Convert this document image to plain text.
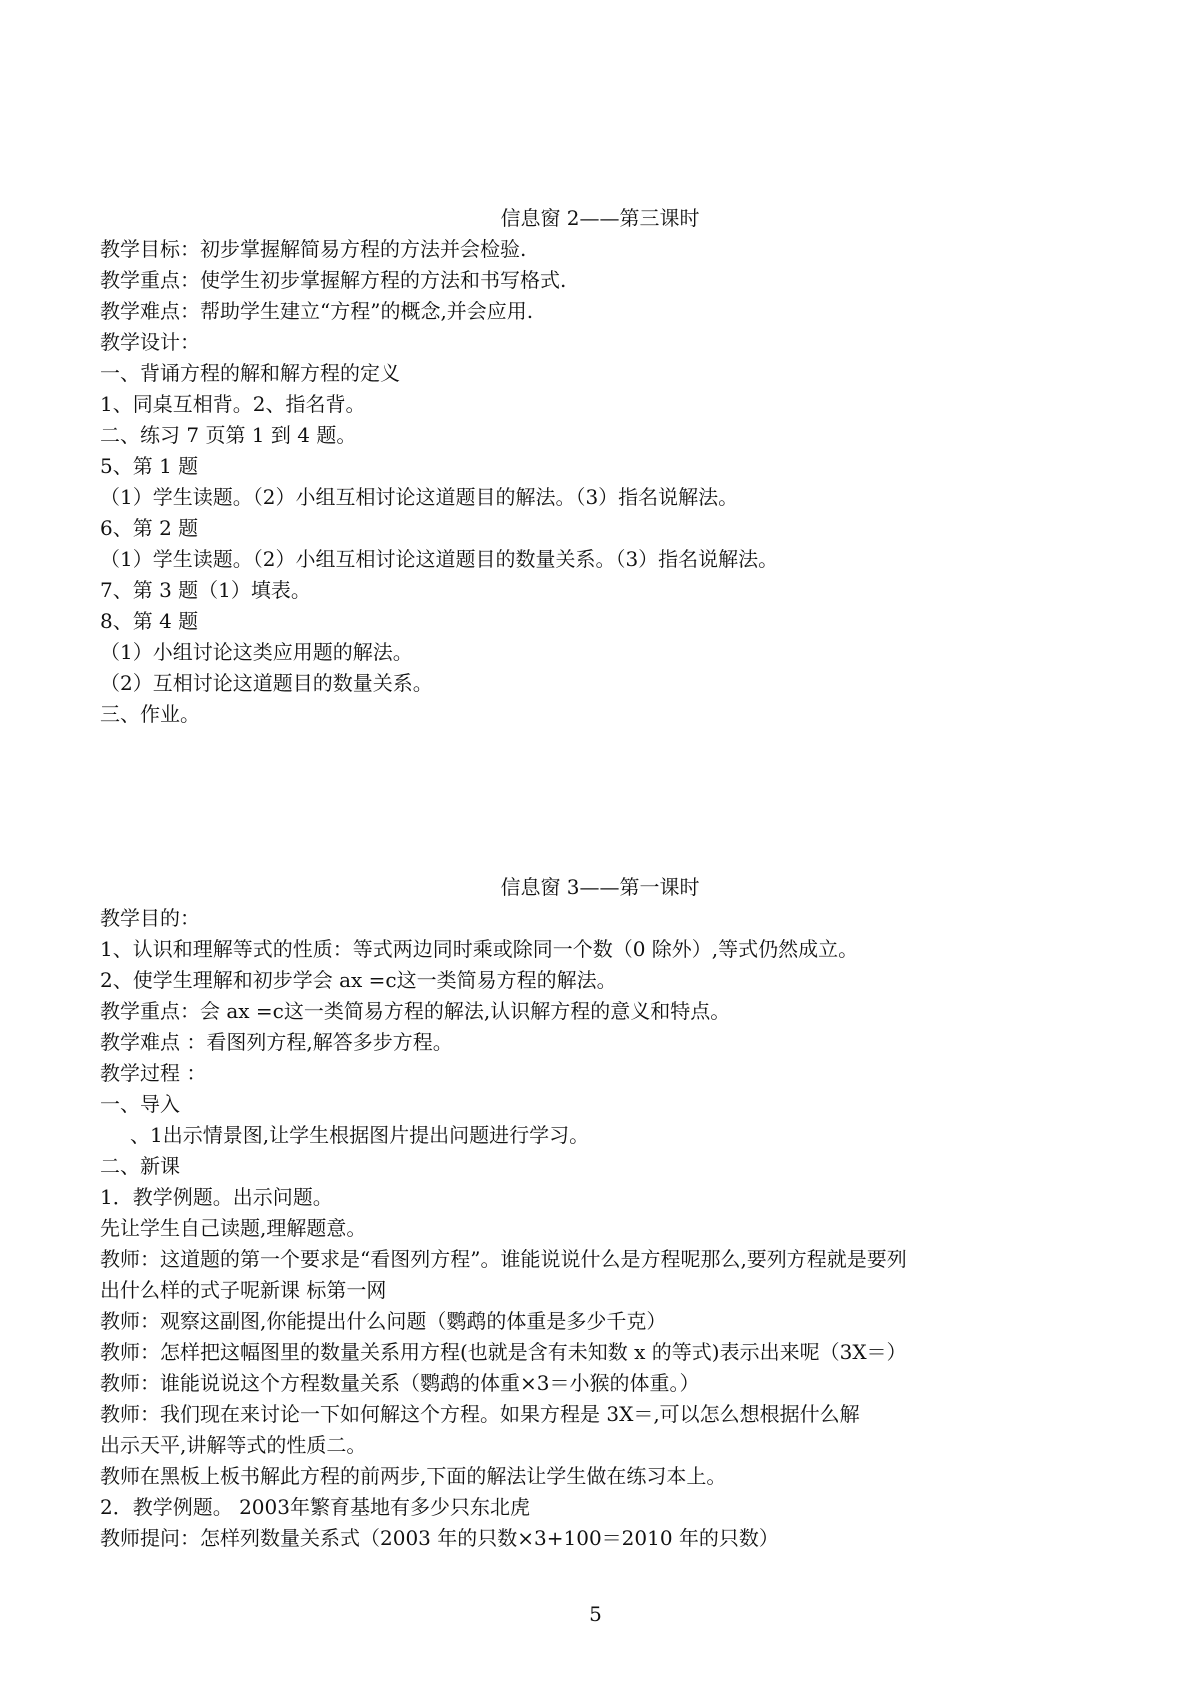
信息窗 2——第三课时
教学目标：初步掌握解简易方程的方法并会检验.
教学重点：使学生初步掌握解方程的方法和书写格式.
教学难点：帮助学生建立“方程”的概念,并会应用.
教学设计：
一、背诵方程的解和解方程的定义
1、同桌互相背。2、指名背。
二、练习 7 页第 1 到 4 题。
5、第 1 题
（1）学生读题。（2）小组互相讨论这道题目的解法。（3）指名说解法。
6、第 2 题
（1）学生读题。（2）小组互相讨论这道题目的数量关系。（3）指名说解法。
7、第 3 题（1）填表。
8、第 4 题
（1）小组讨论这类应用题的解法。
（2）互相讨论这道题目的数量关系。
三、作业。
信息窗 3——第一课时
教学目的：
1、认识和理解等式的性质：等式两边同时乘或除同一个数（0 除外）,等式仍然成立。
2、使学生理解和初步学会 ax =c这一类简易方程的解法。
教学重点：会 ax =c这一类简易方程的解法,认识解方程的意义和特点。
教学难点 ：看图列方程,解答多步方程。
教学过程 ：
一、导入
、1出示情景图,让学生根据图片提出问题进行学习。
二、新课
1．教学例题。出示问题。
先让学生自己读题,理解题意。
教师：这道题的第一个要求是“看图列方程”。谁能说说什么是方程呢那么,要列方程就是要列
出什么样的式子呢新课 标第一网
教师：观察这副图,你能提出什么问题（鹦鹉的体重是多少千克）
教师：怎样把这幅图里的数量关系用方程(也就是含有未知数 x 的等式)表示出来呢（3X＝）
教师：谁能说说这个方程数量关系（鹦鹉的体重×3＝小猴的体重。）
教师：我们现在来讨论一下如何解这个方程。如果方程是 3X＝,可以怎么想根据什么解
出示天平,讲解等式的性质二。
教师在黑板上板书解此方程的前两步,下面的解法让学生做在练习本上。
2．教学例题。 2003年繁育基地有多少只东北虎
教师提问：怎样列数量关系式（2003 年的只数×3+100＝2010 年的只数）
5
